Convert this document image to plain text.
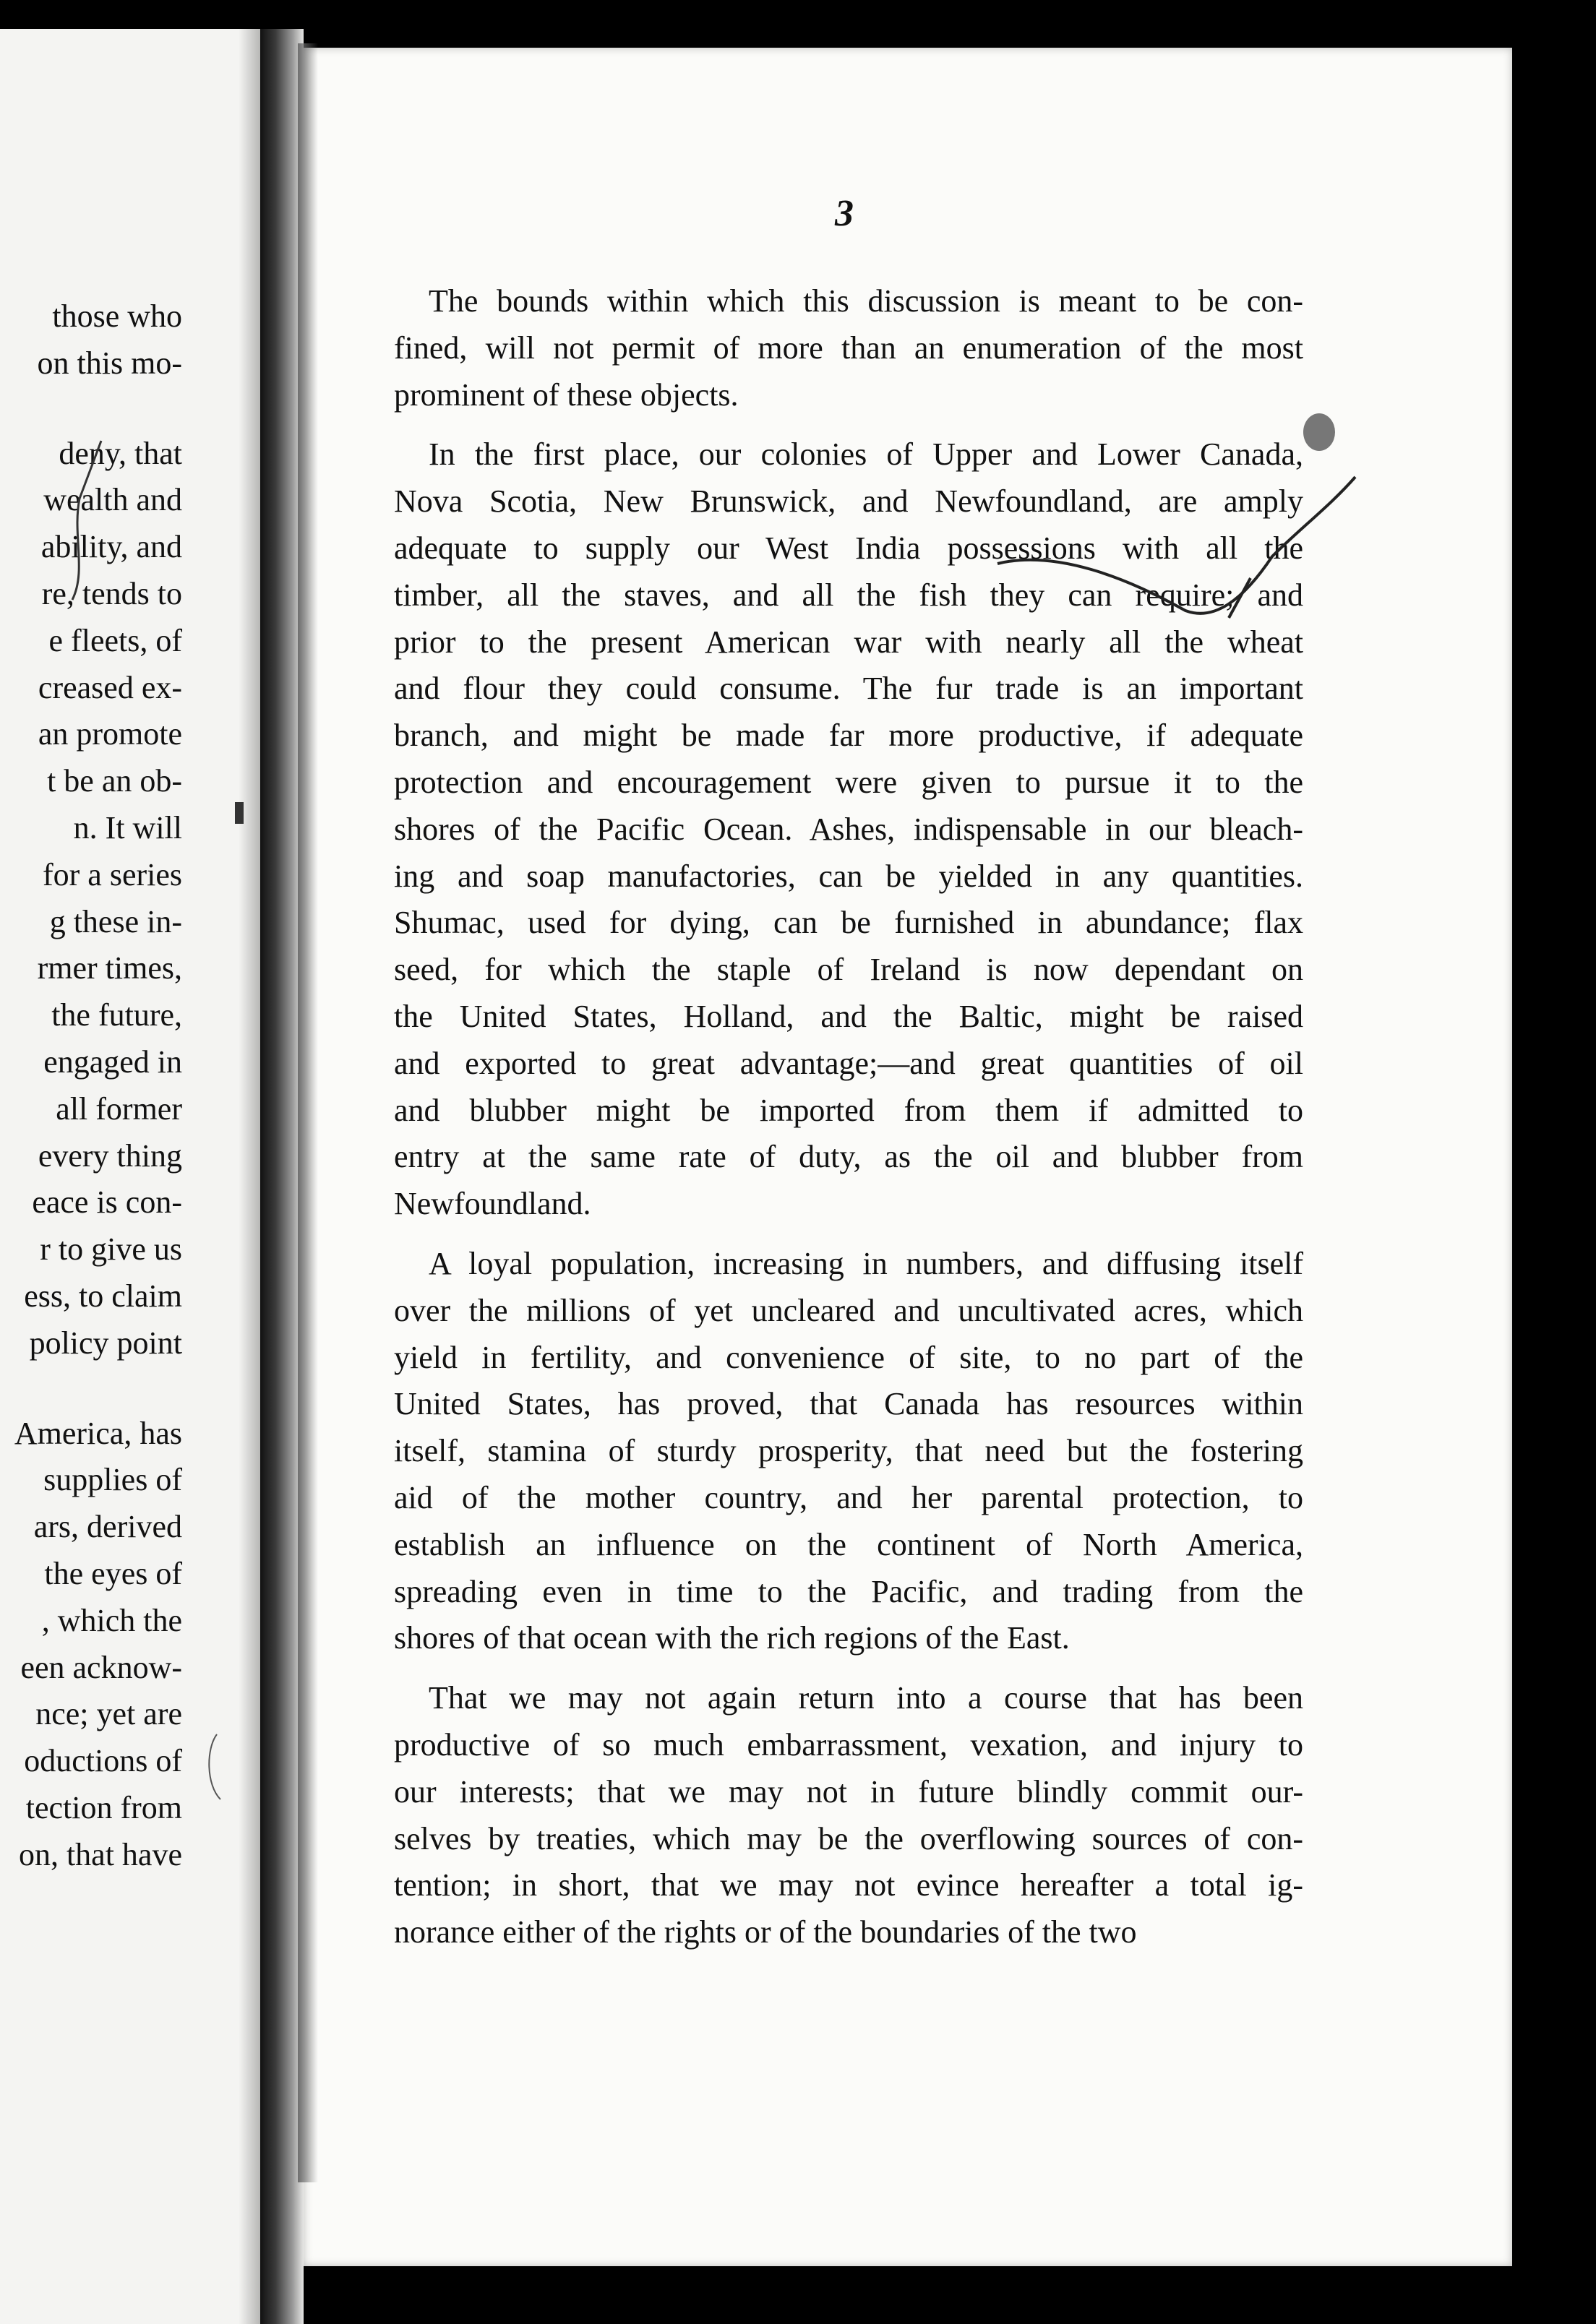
those who
on this mo-
deny, that
wealth and
ability, and
re, tends to
e fleets, of
creased ex-
an promote
t be an ob-
n. It will
for a series
g these in-
rmer times,
the future,
engaged in
all former
every thing
eace is con-
r to give us
ess, to claim
policy point
America, has
supplies of
ars, derived
the eyes of
, which the
een acknow-
nce; yet are
oductions of
tection from
on, that have
3
The bounds within which this discussion is meant to be con-
fined, will not permit of more than an enumeration of the most
prominent of these objects.
In the first place, our colonies of Upper and Lower Canada,
Nova Scotia, New Brunswick, and Newfoundland, are amply
adequate to supply our West India possessions with all the
timber, all the staves, and all the fish they can require; and
prior to the present American war with nearly all the wheat
and flour they could consume. The fur trade is an important
branch, and might be made far more productive, if adequate
protection and encouragement were given to pursue it to the
shores of the Pacific Ocean. Ashes, indispensable in our bleach-
ing and soap manufactories, can be yielded in any quantities.
Shumac, used for dying, can be furnished in abundance; flax
seed, for which the staple of Ireland is now dependant on
the United States, Holland, and the Baltic, might be raised
and exported to great advantage;—and great quantities of oil
and blubber might be imported from them if admitted to
entry at the same rate of duty, as the oil and blubber from
Newfoundland.
A loyal population, increasing in numbers, and diffusing itself
over the millions of yet uncleared and uncultivated acres, which
yield in fertility, and convenience of site, to no part of the
United States, has proved, that Canada has resources within
itself, stamina of sturdy prosperity, that need but the fostering
aid of the mother country, and her parental protection, to
establish an influence on the continent of North America,
spreading even in time to the Pacific, and trading from the
shores of that ocean with the rich regions of the East.
That we may not again return into a course that has been
productive of so much embarrassment, vexation, and injury to
our interests; that we may not in future blindly commit our-
selves by treaties, which may be the overflowing sources of con-
tention; in short, that we may not evince hereafter a total ig-
norance either of the rights or of the boundaries of the two
